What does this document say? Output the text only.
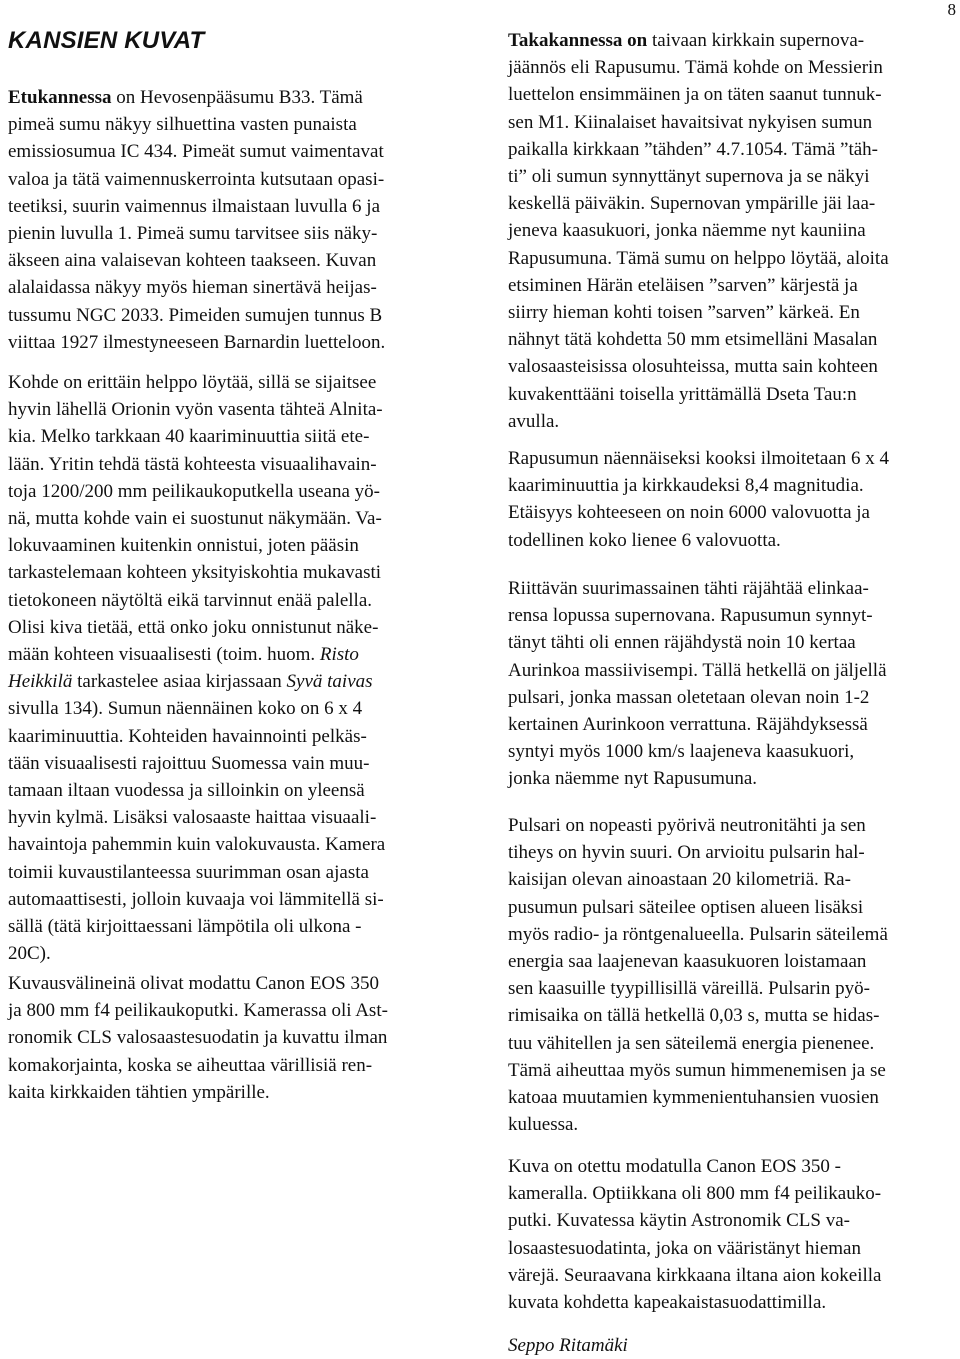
8
KANSIEN KUVAT

Etukannessa on Hevosenpääsumu B33. Tämä
pimeä sumu näkyy silhuettina vasten punaista
emissiosumua IC 434. Pimeät sumut vaimentavat
valoa ja tätä vaimennuskerrointa kutsutaan opasi-
teetiksi, suurin vaimennus ilmaistaan luvulla 6 ja
pienin luvulla 1. Pimeä sumu tarvitsee siis näky-
äkseen aina valaisevan kohteen taakseen. Kuvan
alalaidassa näkyy myös hieman sinertävä heijas-
tussumu NGC 2033. Pimeiden sumujen tunnus B
viittaa 1927 ilmestyneeseen Barnardin luetteloon.

Kohde on erittäin helppo löytää, sillä se sijaitsee
hyvin lähellä Orionin vyön vasenta tähteä Alnita-
kia. Melko tarkkaan 40 kaariminuuttia siitä ete-
lään. Yritin tehdä tästä kohteesta visuaalihavain-
toja 1200/200 mm peilikaukoputkella useana yö-
nä, mutta kohde vain ei suostunut näkymään. Va-
lokuvaaminen kuitenkin onnistui, joten pääsin
tarkastelemaan kohteen yksityiskohtia mukavasti
tietokoneen näytöltä eikä tarvinnut enää palella.
Olisi kiva tietää, että onko joku onnistunut näke-
mään kohteen visuaalisesti (toim. huom. Risto
Heikkilä tarkastelee asiaa kirjassaan Syvä taivas
sivulla 134). Sumun näennäinen koko on 6 x 4
kaariminuuttia. Kohteiden havainnointi pelkäs-
tään visuaalisesti rajoittuu Suomessa vain muu-
tamaan iltaan vuodessa ja silloinkin on yleensä
hyvin kylmä. Lisäksi valosaaste haittaa visuaali-
havaintoja pahemmin kuin valokuvausta. Kamera
toimii kuvaustilanteessa suurimman osan ajasta
automaattisesti, jolloin kuvaaja voi lämmitellä si-
sällä (tätä kirjoittaessani lämpötila oli ulkona -
20C).

Kuvausvälineinä olivat modattu Canon EOS 350
ja 800 mm f4 peilikaukoputki. Kamerassa oli Ast-
ronomik CLS valosaastesuodatin ja kuvattu ilman
komakorjainta, koska se aiheuttaa värillisiä ren-
kaita kirkkaiden tähtien ympärille.

Takakannessa on taivaan kirkkain supernova-
jäännös eli Rapusumu. Tämä kohde on Messierin
luettelon ensimmäinen ja on täten saanut tunnuk-
sen M1. Kiinalaiset havaitsivat nykyisen sumun
paikalla kirkkaan ”tähden” 4.7.1054. Tämä ”täh-
ti” oli sumun synnyttänyt supernova ja se näkyi
keskellä päiväkin. Supernovan ympärille jäi laa-
jeneva kaasukuori, jonka näemme nyt kauniina
Rapusumuna. Tämä sumu on helppo löytää, aloita
etsiminen Härän eteläisen ”sarven” kärjestä ja
siirry hieman kohti toisen ”sarven” kärkeä. En
nähnyt tätä kohdetta 50 mm etsimelläni Masalan
valosaasteisissa olosuhteissa, mutta sain kohteen
kuvakenttääni toisella yrittämällä Dseta Tau:n
avulla.

Rapusumun näennäiseksi kooksi ilmoitetaan 6 x 4
kaariminuuttia ja kirkkaudeksi 8,4 magnitudia.
Etäisyys kohteeseen on noin 6000 valovuotta ja
todellinen koko lienee 6 valovuotta.

Riittävän suurimassainen tähti räjähtää elinkaa-
rensa lopussa supernovana. Rapusumun synnyt-
tänyt tähti oli ennen räjähdystä noin 10 kertaa
Aurinkoa massiivisempi. Tällä hetkellä on jäljellä
pulsari, jonka massan oletetaan olevan noin 1-2
kertainen Aurinkoon verrattuna. Räjähdyksessä
syntyi myös 1000 km/s laajeneva kaasukuori,
jonka näemme nyt Rapusumuna.

Pulsari on nopeasti pyörivä neutronitähti ja sen
tiheys on hyvin suuri. On arvioitu pulsarin hal-
kaisijan olevan ainoastaan 20 kilometriä. Ra-
pusumun pulsari säteilee optisen alueen lisäksi
myös radio- ja röntgenalueella. Pulsarin säteilemä
energia saa laajenevan kaasukuoren loistamaan
sen kaasuille tyypillisillä väreillä. Pulsarin pyö-
rimisaika on tällä hetkellä 0,03 s, mutta se hidas-
tuu vähitellen ja sen säteilemä energia pienenee.
Tämä aiheuttaa myös sumun himmenemisen ja se
katoaa muutamien kymmenientuhansien vuosien
kuluessa.

Kuva on otettu modatulla Canon EOS 350 -
kameralla. Optiikkana oli 800 mm f4 peilikauko-
putki. Kuvatessa käytin Astronomik CLS va-
losaastesuodatinta, joka on vääristänyt hieman
värejä. Seuraavana kirkkaana iltana aion kokeilla
kuvata kohdetta kapeakaistasuodattimilla.

Seppo Ritamäki
